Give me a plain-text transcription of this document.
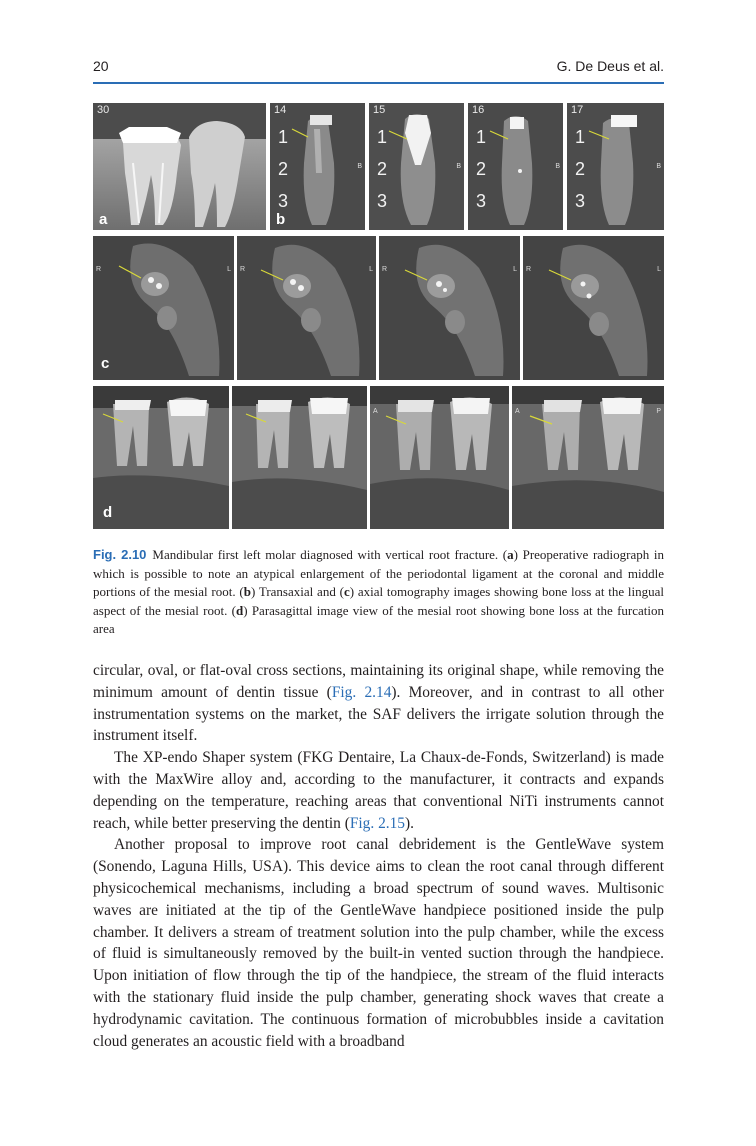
20	G. De Deus et al.
30
a
14
1
2
3
B
b
15
1
2
3
B
16
1
2
3
B
17
1
2
3
B
R	L
c
R	L R	L R	L
d
A	A	P
Fig. 2.10 Mandibular first left molar diagnosed with vertical root fracture. (a) Preoperative radiograph in which is possible to note an atypical enlargement of the periodontal ligament at the coronal and middle portions of the mesial root. (b) Transaxial and (c) axial tomography images showing bone loss at the lingual aspect of the mesial root. (d) Parasagittal image view of the mesial root showing bone loss at the furcation area

circular, oval, or flat-oval cross sections, maintaining its original shape, while removing the minimum amount of dentin tissue (Fig. 2.14). Moreover, and in contrast to all other instrumentation systems on the market, the SAF delivers the irrigate solution through the instrument itself.

The XP-endo Shaper system (FKG Dentaire, La Chaux-de-Fonds, Switzerland) is made with the MaxWire alloy and, according to the manufacturer, it contracts and expands depending on the temperature, reaching areas that conventional NiTi instruments cannot reach, while better preserving the dentin (Fig. 2.15).

Another proposal to improve root canal debridement is the GentleWave system (Sonendo, Laguna Hills, USA). This device aims to clean the root canal through different physicochemical mechanisms, including a broad spectrum of sound waves. Multisonic waves are initiated at the tip of the GentleWave handpiece positioned inside the pulp chamber. It delivers a stream of treatment solution into the pulp chamber, while the excess of fluid is simultaneously removed by the built-in vented suction through the handpiece. Upon initiation of flow through the tip of the handpiece, the stream of the fluid interacts with the stationary fluid inside the pulp chamber, generating shock waves that create a hydrodynamic cavitation. The continuous formation of microbubbles inside a cavitation cloud generates an acoustic field with a broadband
